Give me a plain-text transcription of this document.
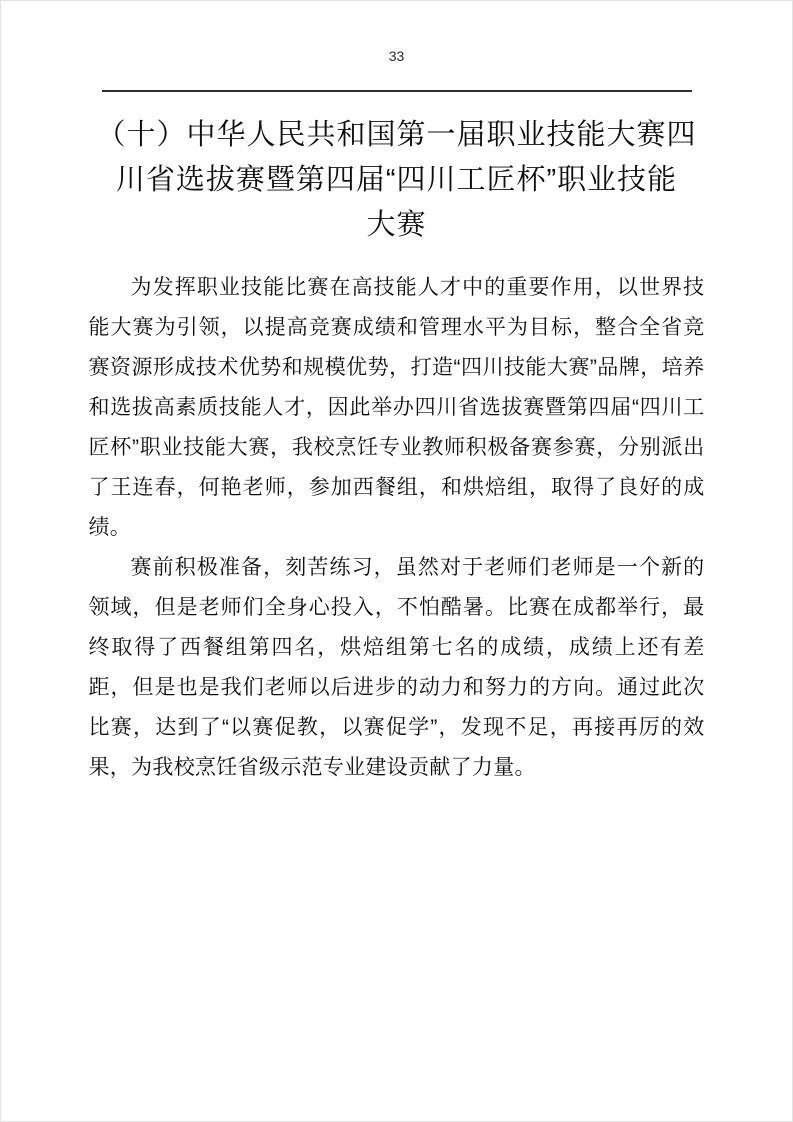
33
（十）中华人民共和国第一届职业技能大赛四
川省选拔赛暨第四届“四川工匠杯”职业技能
大赛

为发挥职业技能比赛在高技能人才中的重要作用，以世界技能大赛为引领，以提高竞赛成绩和管理水平为目标，整合全省竞赛资源形成技术优势和规模优势，打造“四川技能大赛”品牌，培养和选拔高素质技能人才，因此举办四川省选拔赛暨第四届“四川工匠杯”职业技能大赛，我校烹饪专业教师积极备赛参赛，分别派出了王连春，何艳老师，参加西餐组，和烘焙组，取得了良好的成绩。

赛前积极准备，刻苦练习，虽然对于老师们老师是一个新的领域，但是老师们全身心投入，不怕酷暑。比赛在成都举行，最终取得了西餐组第四名，烘焙组第七名的成绩，成绩上还有差距，但是也是我们老师以后进步的动力和努力的方向。通过此次比赛，达到了“以赛促教，以赛促学”，发现不足，再接再厉的效果，为我校烹饪省级示范专业建设贡献了力量。
